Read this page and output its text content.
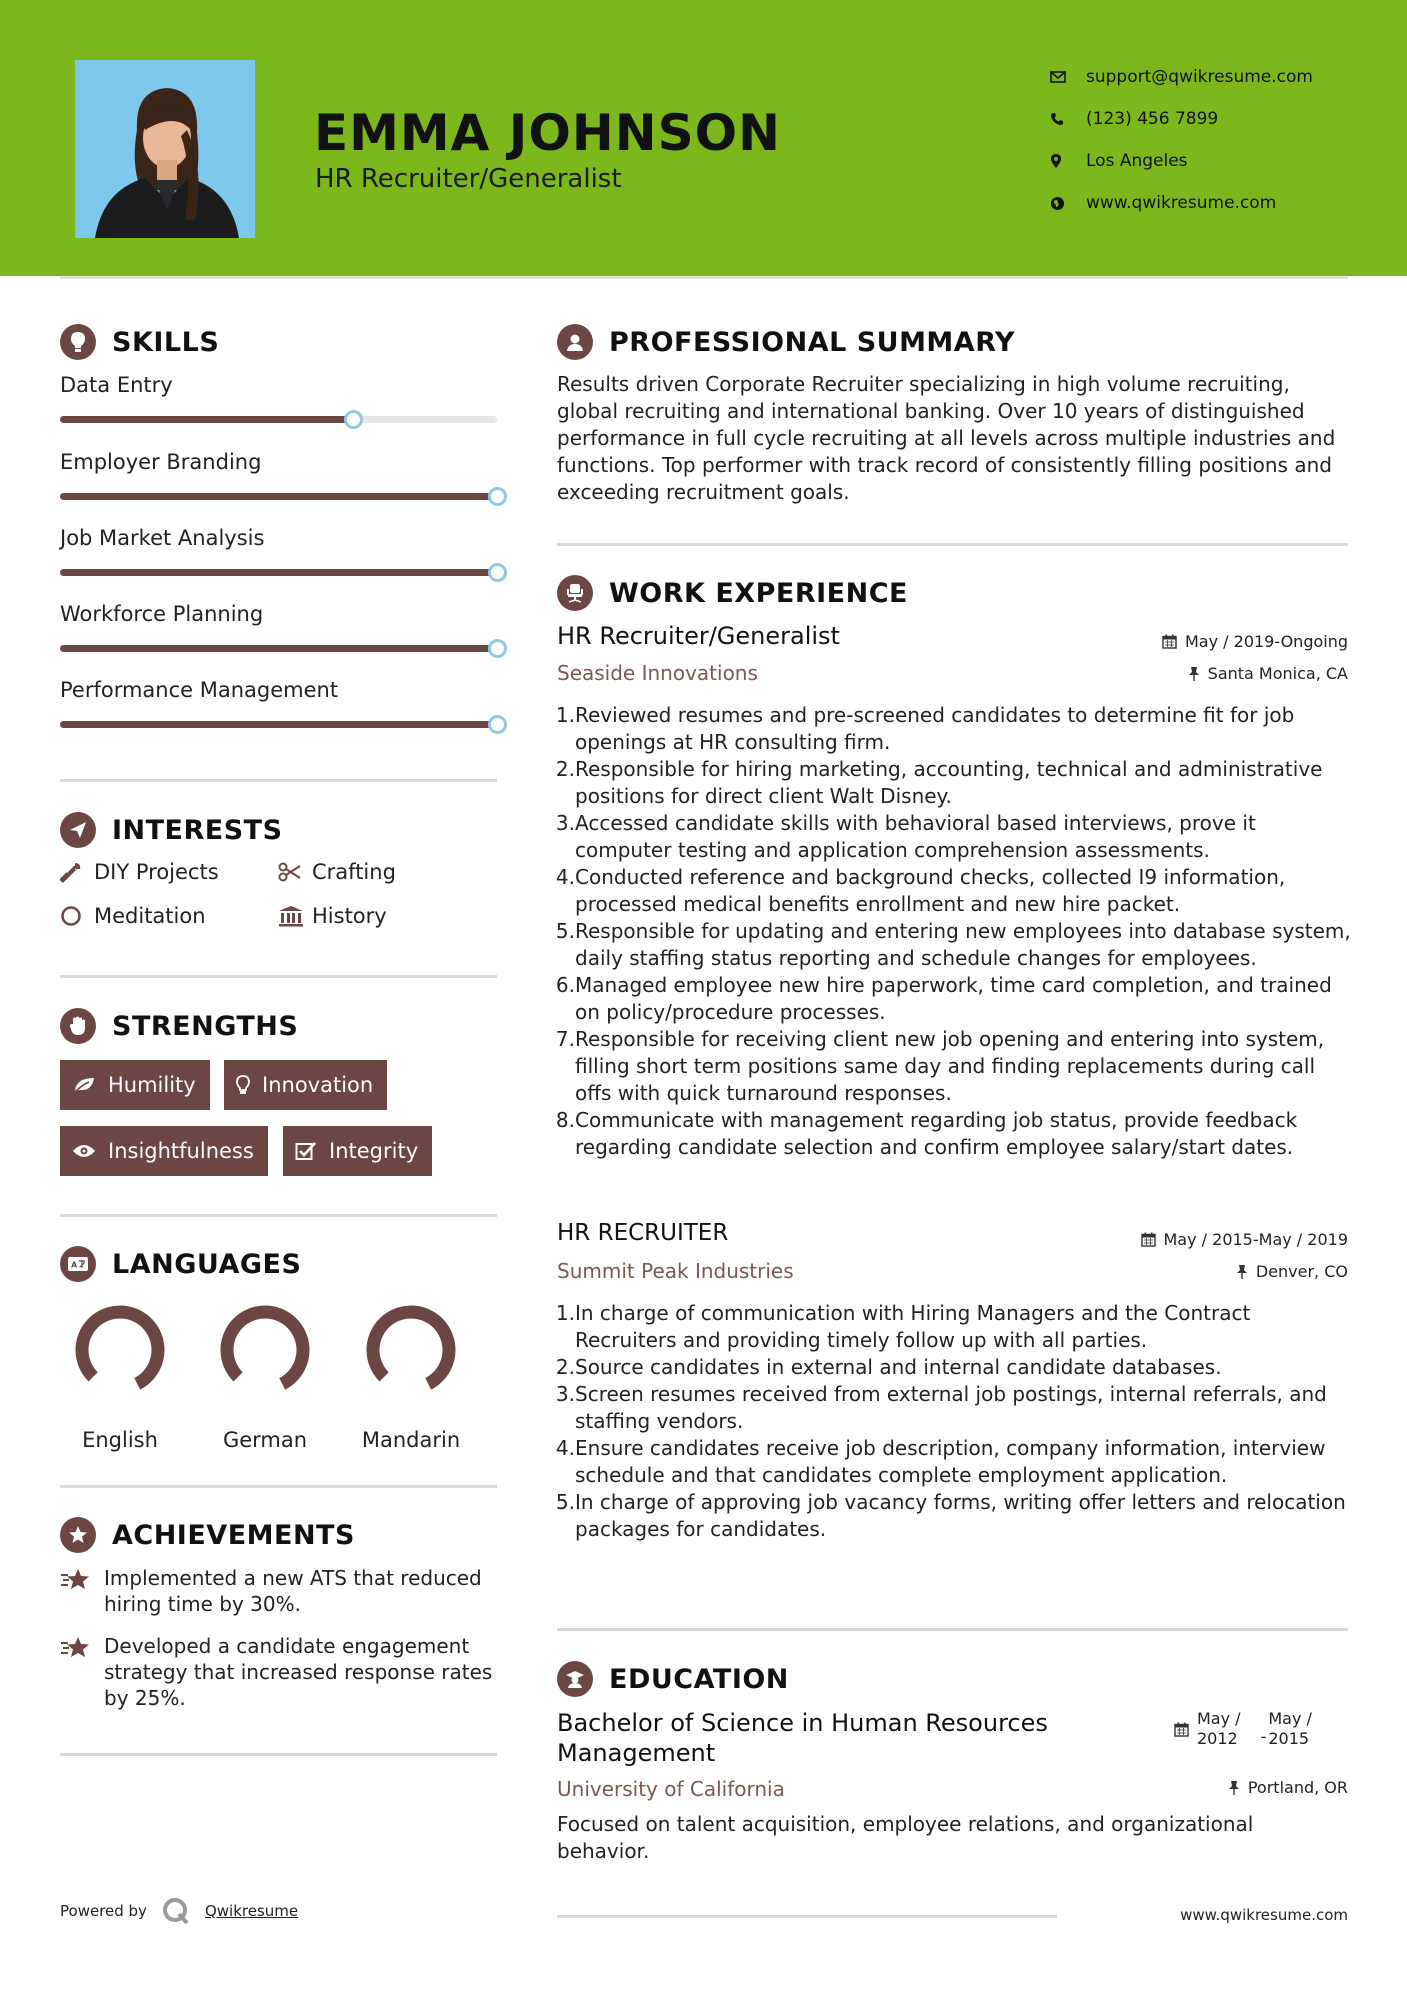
EMMA JOHNSON
HR Recruiter/Generalist
support@qwikresume.com
(123) 456 7899
Los Angeles
www.qwikresume.com
SKILLS
Data Entry
Employer Branding
Job Market Analysis
Workforce Planning
Performance Management
INTERESTS
DIY Projects	Crafting
Meditation	History
STRENGTHS
Humility	Innovation
Insightfulness	Integrity
A LANGUAGES
English	German	Mandarin
ACHIEVEMENTS
Implemented a new ATS that reduced hiring time by 30%.
Developed a candidate engagement strategy that increased response rates by 25%.
PROFESSIONAL SUMMARY
Results driven Corporate Recruiter specializing in high volume recruiting, global recruiting and international banking. Over 10 years of distinguished performance in full cycle recruiting at all levels across multiple industries and functions. Top performer with track record of consistently filling positions and exceeding recruitment goals.
WORK EXPERIENCE
HR Recruiter/Generalist
Seaside Innovations
May / 2019-Ongoing
Santa Monica, CA
1. Reviewed resumes and pre-screened candidates to determine fit for job openings at HR consulting firm.
2. Responsible for hiring marketing, accounting, technical and administrative positions for direct client Walt Disney.
3. Accessed candidate skills with behavioral based interviews, prove it computer testing and application comprehension assessments.
4. Conducted reference and background checks, collected I9 information, processed medical benefits enrollment and new hire packet.
5. Responsible for updating and entering new employees into database system, daily staffing status reporting and schedule changes for employees.
6. Managed employee new hire paperwork, time card completion, and trained on policy/procedure processes.
7. Responsible for receiving client new job opening and entering into system, filling short term positions same day and finding replacements during call offs with quick turnaround responses.
8. Communicate with management regarding job status, provide feedback regarding candidate selection and confirm employee salary/start dates.
HR RECRUITER
Summit Peak Industries
May / 2015-May / 2019
Denver, CO
1. In charge of communication with Hiring Managers and the Contract Recruiters and providing timely follow up with all parties.
2. Source candidates in external and internal candidate databases.
3. Screen resumes received from external job postings, internal referrals, and staffing vendors.
4. Ensure candidates receive job description, company information, interview schedule and that candidates complete employment application.
5. In charge of approving job vacancy forms, writing offer letters and relocation packages for candidates.
EDUCATION
Bachelor of Science in Human Resources
Management
University of California
May /
2012 -
May /
2015
Portland, OR
Focused on talent acquisition, employee relations, and organizational behavior.
Powered by	Qwikresume	www.qwikresume.com
